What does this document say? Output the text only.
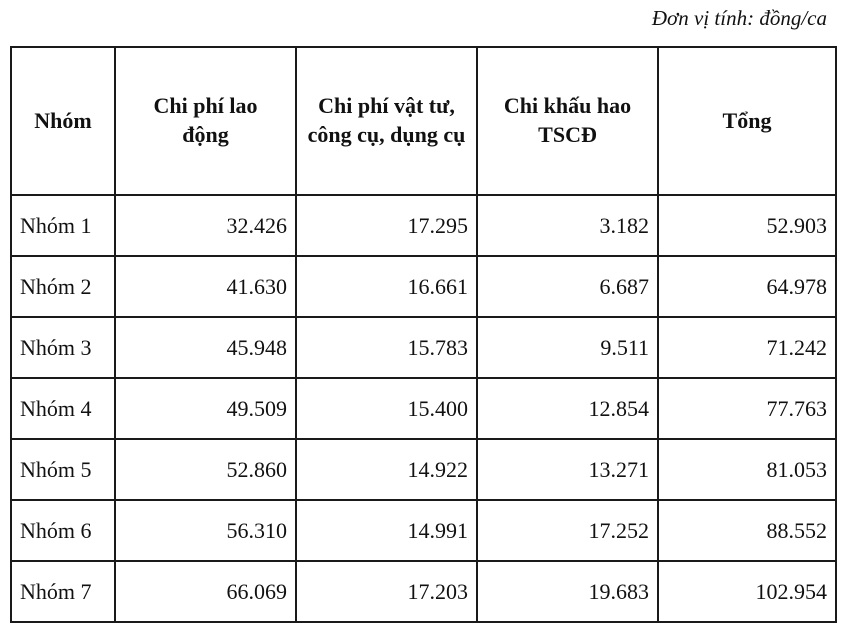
Đơn vị tính: đồng/ca
Nhóm	Chi phí lao động	Chi phí vật tư, công cụ, dụng cụ	Chi khấu hao TSCĐ	Tổng
Nhóm 1	32.426	17.295	3.182	52.903
Nhóm 2	41.630	16.661	6.687	64.978
Nhóm 3	45.948	15.783	9.511	71.242
Nhóm 4	49.509	15.400	12.854	77.763
Nhóm 5	52.860	14.922	13.271	81.053
Nhóm 6	56.310	14.991	17.252	88.552
Nhóm 7	66.069	17.203	19.683	102.954
